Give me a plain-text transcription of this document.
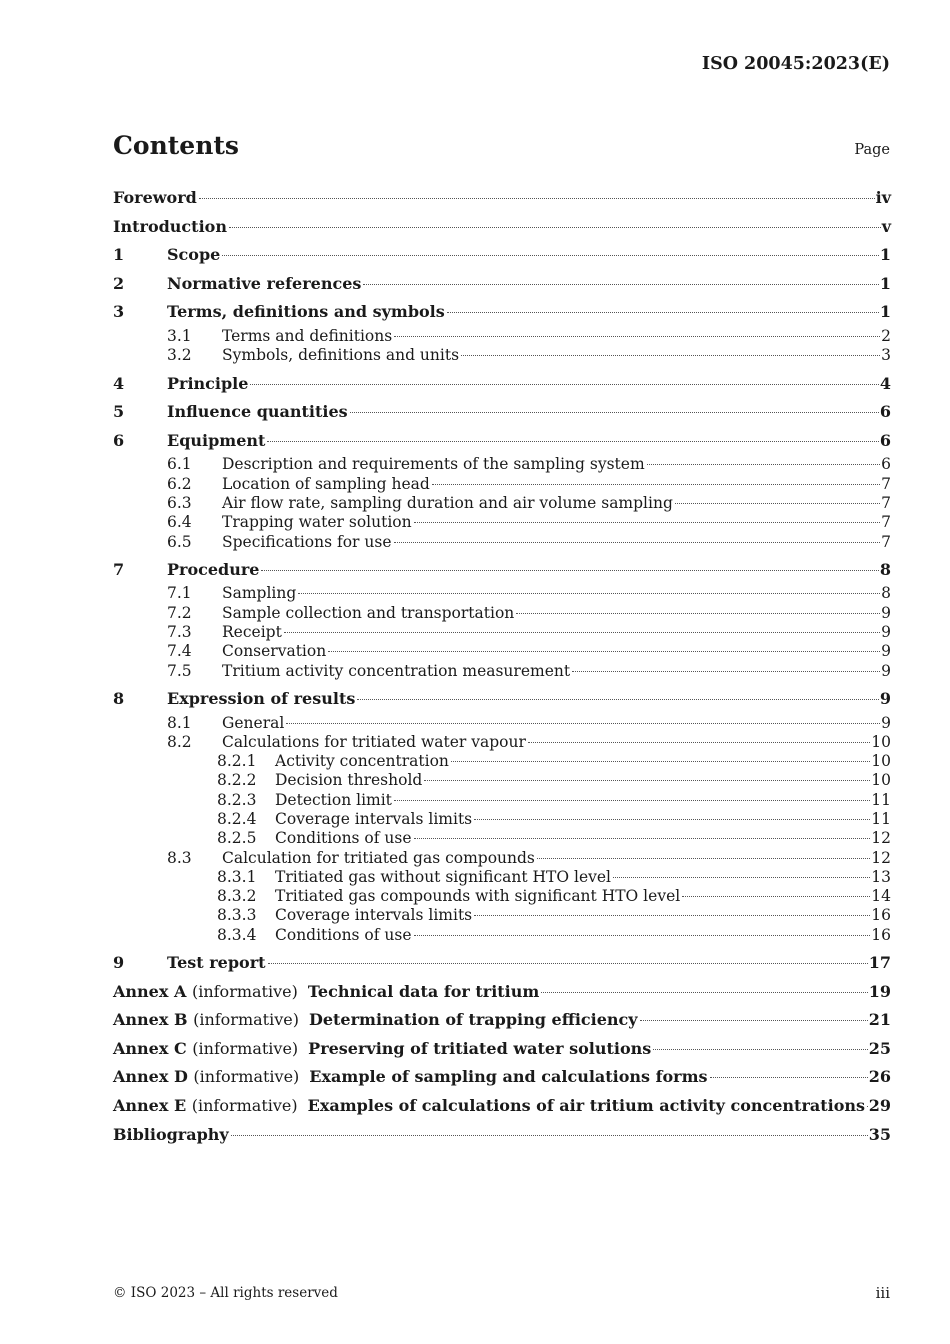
ISO 20045:2023(E)
Contents	Page
Foreword	iv
Introduction	v
1	Scope	1
2	Normative references	1
3	Terms, definitions and symbols	1
3.1	Terms and definitions	2
3.2	Symbols, definitions and units	3
4	Principle	4
5	Influence quantities	6
6	Equipment	6
6.1	Description and requirements of the sampling system	6
6.2	Location of sampling head	7
6.3	Air flow rate, sampling duration and air volume sampling	7
6.4	Trapping water solution	7
6.5	Specifications for use	7
7	Procedure	8
7.1	Sampling	8
7.2	Sample collection and transportation	9
7.3	Receipt	9
7.4	Conservation	9
7.5	Tritium activity concentration measurement	9
8	Expression of results	9
8.1	General	9
8.2	Calculations for tritiated water vapour	10
8.2.1	Activity concentration	10
8.2.2	Decision threshold	10
8.2.3	Detection limit	11
8.2.4	Coverage intervals limits	11
8.2.5	Conditions of use	12
8.3	Calculation for tritiated gas compounds	12
8.3.1	Tritiated gas without significant HTO level	13
8.3.2	Tritiated gas compounds with significant HTO level	14
8.3.3	Coverage intervals limits	16
8.3.4	Conditions of use	16
9	Test report	17
Annex A (informative) Technical data for tritium	19
Annex B (informative) Determination of trapping efficiency	21
Annex C (informative) Preserving of tritiated water solutions	25
Annex D (informative) Example of sampling and calculations forms	26
Annex E (informative) Examples of calculations of air tritium activity concentrations 29
Bibliography	35
© ISO 2023 – All rights reserved	iii
